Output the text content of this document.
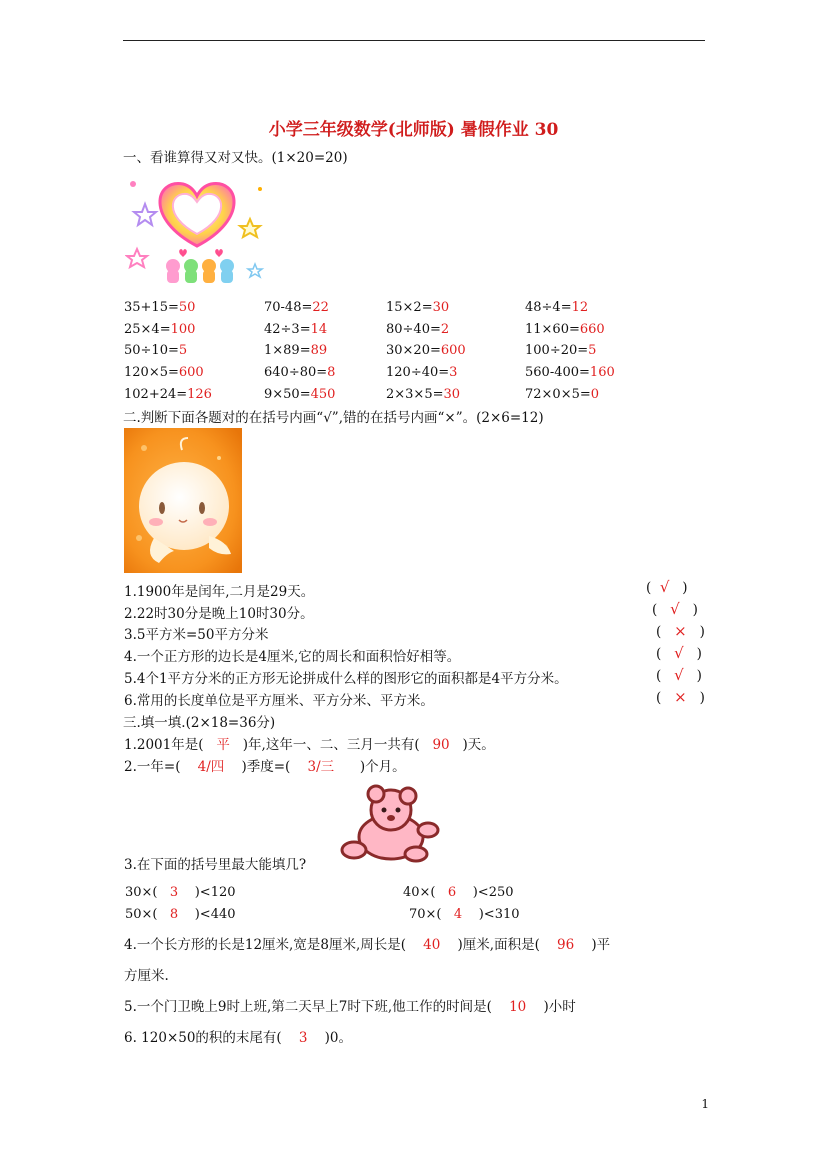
小学三年级数学(北师版) 暑假作业 30
一、看谁算得又对又快。(1×20=20)
35+15=50	70-48=22	15×2=30	48÷4=12
25×4=100	42÷3=14	80÷40=2	11×60=660
50÷10=5	1×89=89	30×20=600	100÷20=5
120×5=600	640÷80=8	120÷40=3	560-400=160
102+24=126	9×50=450	2×3×5=30	72×0×5=0
二.判断下面各题对的在括号内画“√”,错的在括号内画“×”。(2×6=12)
1.1900年是闰年,二月是29天。	(  √   )
2.22时30分是晚上10时30分。	(   √   )
3.5平方米=50平方分米	(   ×   )
4.一个正方形的边长是4厘米,它的周长和面积恰好相等。	(   √   )
5.4个1平方分米的正方形无论拼成什么样的图形它的面积都是4平方分米。	(   √   )
6.常用的长度单位是平方厘米、平方分米、平方米。	(   ×   )
三.填一填.(2×18=36分)
1.2001年是( 平 )年,这年一、二、三月一共有( 90 )天。
2.一年=( 4/四 )季度=( 3/三 )个月。
3.在下面的括号里最大能填几?
30×( 3 )<120	40×( 6 )<250
50×( 8 )<440	70×( 4 )<310
4.一个长方形的长是12厘米,宽是8厘米,周长是( 40 )厘米,面积是( 96 )平
方厘米.
5.一个门卫晚上9时上班,第二天早上7时下班,他工作的时间是( 10 )小时
6. 120×50的积的末尾有( 3 )0。
1
